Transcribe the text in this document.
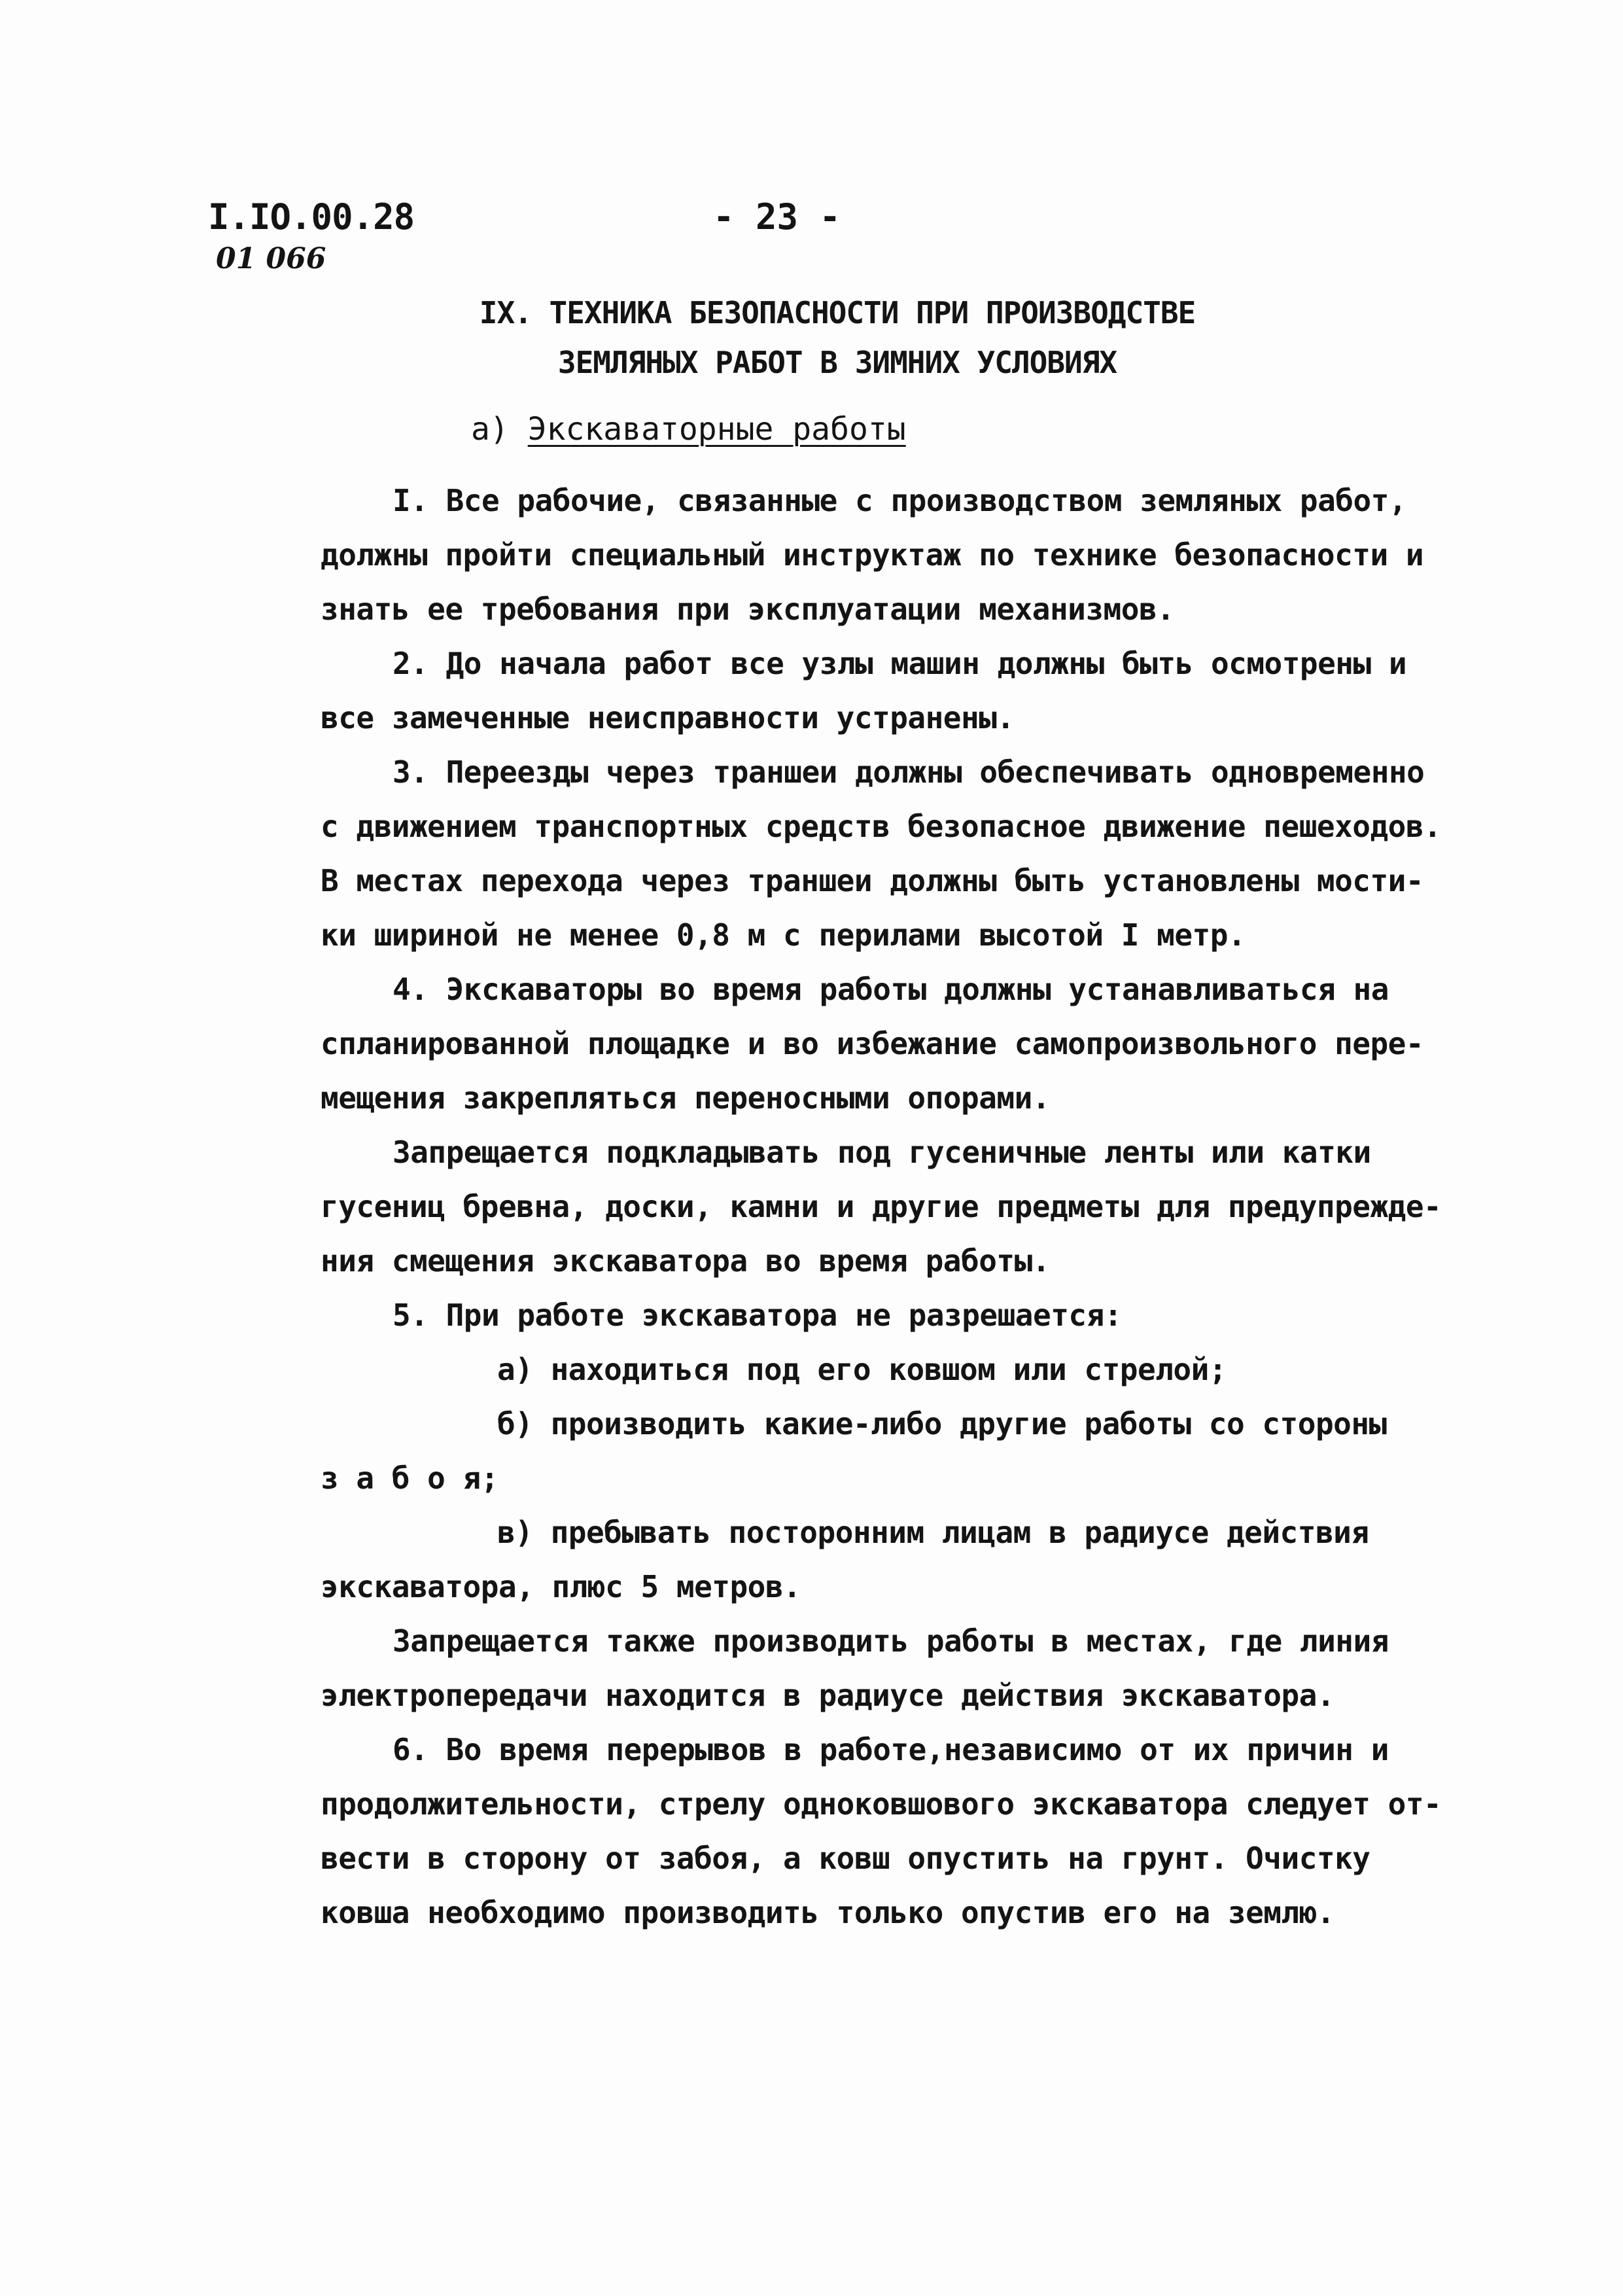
I.IO.00.28
01 066
- 23 -
IX. ТЕХНИКА БЕЗОПАСНОСТИ ПРИ ПРОИЗВОДСТВЕ
ЗЕМЛЯНЫХ РАБОТ В ЗИМНИХ УСЛОВИЯХ
а) Экскаваторные работы
I. Все рабочие, связанные с производством земляных работ,
должны пройти специальный инструктаж по технике безопасности и
знать ее требования при эксплуатации механизмов.
2. До начала работ все узлы машин должны быть осмотрены и
все замеченные неисправности устранены.
3. Переезды через траншеи должны обеспечивать одновременно
с движением транспортных средств безопасное движение пешеходов.
В местах перехода через траншеи должны быть установлены мости-
ки шириной не менее 0,8 м с перилами высотой I метр.
4. Экскаваторы во время работы должны устанавливаться на
спланированной площадке и во избежание самопроизвольного пере-
мещения закрепляться переносными опорами.
Запрещается подкладывать под гусеничные ленты или катки
гусениц бревна, доски, камни и другие предметы для предупрежде-
ния смещения экскаватора во время работы.
5. При работе экскаватора не разрешается:
а) находиться под его ковшом или стрелой;
б) производить какие-либо другие работы со стороны
з а б о я;
в) пребывать посторонним лицам в радиусе действия
экскаватора, плюс 5 метров.
Запрещается также производить работы в местах, где линия
электропередачи находится в радиусе действия экскаватора.
6. Во время перерывов в работе,независимо от их причин и
продолжительности, стрелу одноковшового экскаватора следует от-
вести в сторону от забоя, а ковш опустить на грунт. Очистку
ковша необходимо производить только опустив его на землю.
